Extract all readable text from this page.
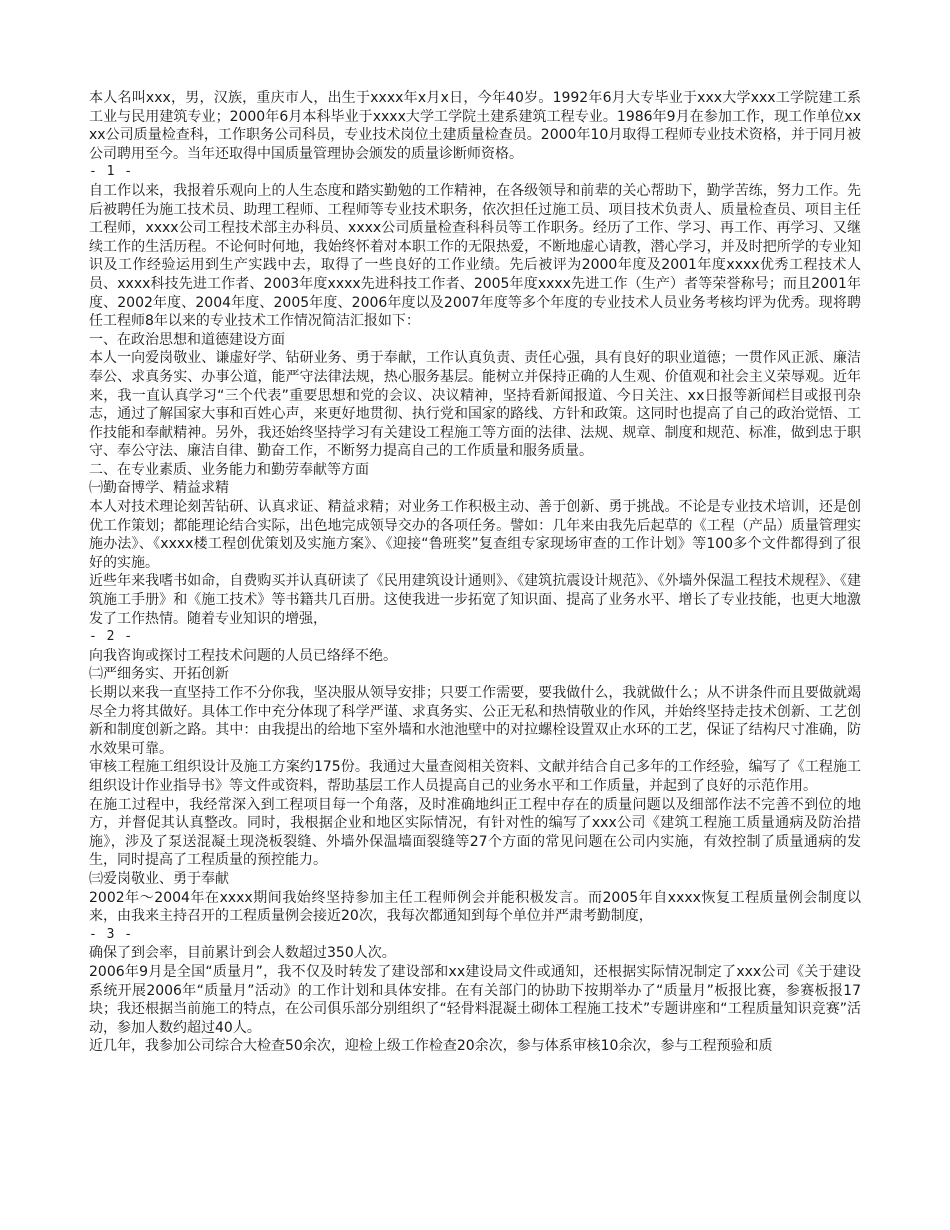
本人名叫xxx，男，汉族，重庆市人，出生于xxxx年x月x日，今年40岁。1992年6月大专毕业于xxx大学xxx工学院建工系工业与民用建筑专业；2000年6月本科毕业于xxxx大学工学院土建系建筑工程专业。1986年9月在参加工作，现工作单位xxxx公司质量检查科，工作职务公司科员，专业技术岗位土建质量检查员。2000年10月取得工程师专业技术资格，并于同月被公司聘用至今。当年还取得中国质量管理协会颁发的质量诊断师资格。

- 1 -

自工作以来，我报着乐观向上的人生态度和踏实勤勉的工作精神，在各级领导和前辈的关心帮助下，勤学苦练，努力工作。先后被聘任为施工技术员、助理工程师、工程师等专业技术职务，依次担任过施工员、项目技术负责人、质量检查员、项目主任工程师，xxxx公司工程技术部主办科员、xxxx公司质量检查科科员等工作职务。经历了工作、学习、再工作、再学习、又继续工作的生活历程。不论何时何地，我始终怀着对本职工作的无限热爱，不断地虚心请教，潜心学习，并及时把所学的专业知识及工作经验运用到生产实践中去，取得了一些良好的工作业绩。先后被评为2000年度及2001年度xxxx优秀工程技术人员、xxxx科技先进工作者、2003年度xxxx先进科技工作者、2005年度xxxx先进工作（生产）者等荣誉称号；而且2001年度、2002年度、2004年度、2005年度、2006年度以及2007年度等多个年度的专业技术人员业务考核均评为优秀。现将聘任工程师8年以来的专业技术工作情况简洁汇报如下：

一、在政治思想和道德建设方面

本人一向爱岗敬业、谦虚好学、钻研业务、勇于奉献，工作认真负责、责任心强，具有良好的职业道德；一贯作风正派、廉洁奉公、求真务实、办事公道，能严守法律法规，热心服务基层。能树立并保持正确的人生观、价值观和社会主义荣辱观。近年来，我一直认真学习“三个代表”重要思想和党的会议、决议精神，坚持看新闻报道、今日关注、xx日报等新闻栏目或报刊杂志，通过了解国家大事和百姓心声，来更好地贯彻、执行党和国家的路线、方针和政策。这同时也提高了自己的政治觉悟、工作技能和奉献精神。另外，我还始终坚持学习有关建设工程施工等方面的法律、法规、规章、制度和规范、标准，做到忠于职守、奉公守法、廉洁自律、勤奋工作，不断努力提高自己的工作质量和服务质量。

二、在专业素质、业务能力和勤劳奉献等方面

㈠勤奋博学、精益求精

本人对技术理论刻苦钻研、认真求证、精益求精；对业务工作积极主动、善于创新、勇于挑战。不论是专业技术培训，还是创优工作策划；都能理论结合实际，出色地完成领导交办的各项任务。譬如：几年来由我先后起草的《工程（产品）质量管理实施办法》、《xxxx楼工程创优策划及实施方案》、《迎接“鲁班奖”复查组专家现场审查的工作计划》等100多个文件都得到了很好的实施。

近些年来我嗜书如命，自费购买并认真研读了《民用建筑设计通则》、《建筑抗震设计规范》、《外墙外保温工程技术规程》、《建筑施工手册》和《施工技术》等书籍共几百册。这使我进一步拓宽了知识面、提高了业务水平、增长了专业技能，也更大地激发了工作热情。随着专业知识的增强，

- 2 -

向我咨询或探讨工程技术问题的人员已络绎不绝。

㈡严细务实、开拓创新

长期以来我一直坚持工作不分你我，坚决服从领导安排；只要工作需要，要我做什么，我就做什么；从不讲条件而且要做就竭尽全力将其做好。具体工作中充分体现了科学严谨、求真务实、公正无私和热情敬业的作风，并始终坚持走技术创新、工艺创新和制度创新之路。其中：由我提出的给地下室外墙和水池池壁中的对拉螺栓设置双止水环的工艺，保证了结构尺寸准确，防水效果可靠。

审核工程施工组织设计及施工方案约175份。我通过大量查阅相关资料、文献并结合自己多年的工作经验，编写了《工程施工组织设计作业指导书》等文件或资料，帮助基层工作人员提高自己的业务水平和工作质量，并起到了良好的示范作用。

在施工过程中，我经常深入到工程项目每一个角落，及时准确地纠正工程中存在的质量问题以及细部作法不完善不到位的地方，并督促其认真整改。同时，我根据企业和地区实际情况，有针对性的编写了xxx公司《建筑工程施工质量通病及防治措施》，涉及了泵送混凝土现浇板裂缝、外墙外保温墙面裂缝等27个方面的常见问题在公司内实施，有效控制了质量通病的发生，同时提高了工程质量的预控能力。

㈢爱岗敬业、勇于奉献

2002年～2004年在xxxx期间我始终坚持参加主任工程师例会并能积极发言。而2005年自xxxx恢复工程质量例会制度以来，由我来主持召开的工程质量例会接近20次，我每次都通知到每个单位并严肃考勤制度，

- 3 -

确保了到会率，目前累计到会人数超过350人次。

2006年9月是全国“质量月”，我不仅及时转发了建设部和xx建设局文件或通知，还根据实际情况制定了xxx公司《关于建设系统开展2006年“质量月”活动》的工作计划和具体安排。在有关部门的协助下按期举办了“质量月”板报比赛，参赛板报17块；我还根据当前施工的特点，在公司俱乐部分别组织了“轻骨料混凝土砌体工程施工技术”专题讲座和“工程质量知识竞赛”活动，参加人数约超过40人。

近几年，我参加公司综合大检查50余次，迎检上级工作检查20余次，参与体系审核10余次，参与工程预验和质
